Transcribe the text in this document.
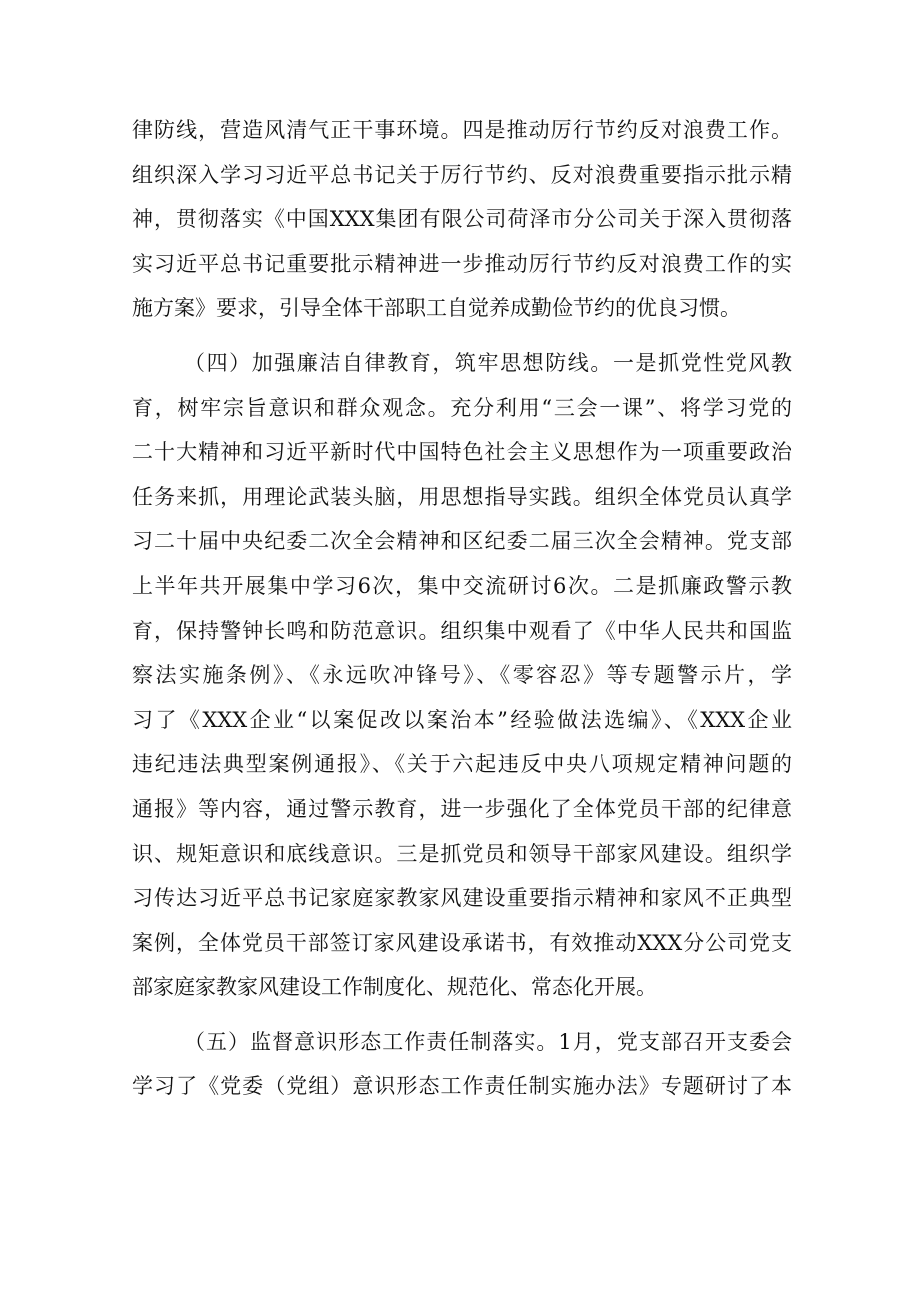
律防线，营造风清气正干事环境。四是推动厉行节约反对浪费工作。
组织深入学习习近平总书记关于厉行节约、反对浪费重要指示批示精
神，贯彻落实《中国XXX集团有限公司荷泽市分公司关于深入贯彻落
实习近平总书记重要批示精神进一步推动厉行节约反对浪费工作的实
施方案》要求，引导全体干部职工自觉养成勤俭节约的优良习惯。
（四）加强廉洁自律教育，筑牢思想防线。一是抓党性党风教
育，树牢宗旨意识和群众观念。充分利用“三会一课”、将学习党的
二十大精神和习近平新时代中国特色社会主义思想作为一项重要政治
任务来抓，用理论武装头脑，用思想指导实践。组织全体党员认真学
习二十届中央纪委二次全会精神和区纪委二届三次全会精神。党支部
上半年共开展集中学习6次，集中交流研讨6次。二是抓廉政警示教
育，保持警钟长鸣和防范意识。组织集中观看了《中华人民共和国监
察法实施条例》、《永远吹冲锋号》、《零容忍》等专题警示片，学
习了《XXX企业“以案促改以案治本”经验做法选编》、《XXX企业
违纪违法典型案例通报》、《关于六起违反中央八项规定精神问题的
通报》等内容，通过警示教育，进一步强化了全体党员干部的纪律意
识、规矩意识和底线意识。三是抓党员和领导干部家风建设。组织学
习传达习近平总书记家庭家教家风建设重要指示精神和家风不正典型
案例，全体党员干部签订家风建设承诺书，有效推动XXX分公司党支
部家庭家教家风建设工作制度化、规范化、常态化开展。
（五）监督意识形态工作责任制落实。1月，党支部召开支委会
学习了《党委（党组）意识形态工作责任制实施办法》专题研讨了本
